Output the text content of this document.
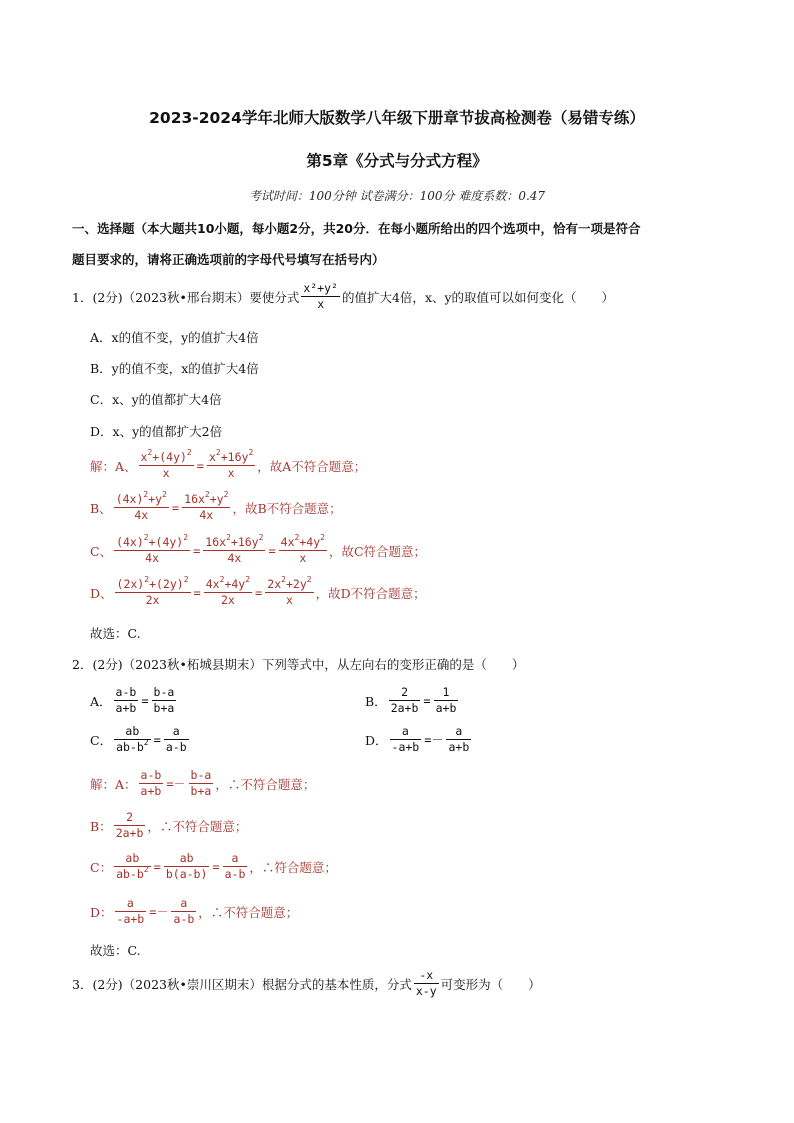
2023-2024学年北师大版数学八年级下册章节拔高检测卷（易错专练）
第5章《分式与分式方程》
考试时间：100分钟 试卷满分：100分 难度系数：0.47
一、选择题（本大题共10小题，每小题2分，共20分．在每小题所给出的四个选项中，恰有一项是符合
题目要求的，请将正确选项前的字母代号填写在括号内）
1．(2分)（2023秋•邢台期末）要使分式 $\frac{\text{x²+y²}}{x}$ 的值扩大4倍，x、y的取值可以如何变化（　　）
A．x的值不变，y的值扩大4倍
B．y的值不变，x的值扩大4倍
C．x、y的值都扩大4倍
D．x、y的值都扩大2倍
解：A、 $\frac{x^2+(4y)^2}{x} = \frac{x^2+16y^2}{x}$ ，故A不符合题意；
B、 $\frac{(4x)^2+y^2}{4x} = \frac{16x^2+y^2}{4x}$ ，故B不符合题意；
C、 $\frac{(4x)^2+(4y)^2}{4x} = \frac{16x^2+16y^2}{4x} = \frac{4x^2+4y^2}{x}$ ，故C符合题意；
D、 $\frac{(2x)^2+(2y)^2}{2x} = \frac{4x^2+4y^2}{2x} = \frac{2x^2+2y^2}{x}$ ，故D不符合题意；
故选：C.
2．(2分)（2023秋•柘城县期末）下列等式中，从左向右的变形正确的是（　　）
A． $\frac{a-b}{a+b} = \frac{b-a}{b+a}$	B． $\frac{2}{2a+b} = \frac{1}{a+b}$
C． $\frac{ab}{ab-b^2} = \frac{a}{a-b}$	D． $\frac{a}{-a+b} =- \frac{a}{a+b}$
解：A： $\frac{a-b}{a+b} =- \frac{b-a}{b+a}$ ，∴不符合题意；
B： $\frac{2}{2a+b}$ ，∴不符合题意；
C： $\frac{ab}{ab-b^2} = \frac{ab}{b(a-b)} = \frac{a}{a-b}$ ，∴符合题意；
D： $\frac{a}{-a+b} =- \frac{a}{a-b}$ ，∴不符合题意；
故选：C.
3．(2分)（2023秋•崇川区期末）根据分式的基本性质，分式 $\frac{-x}{x-y}$ 可变形为（　　）
